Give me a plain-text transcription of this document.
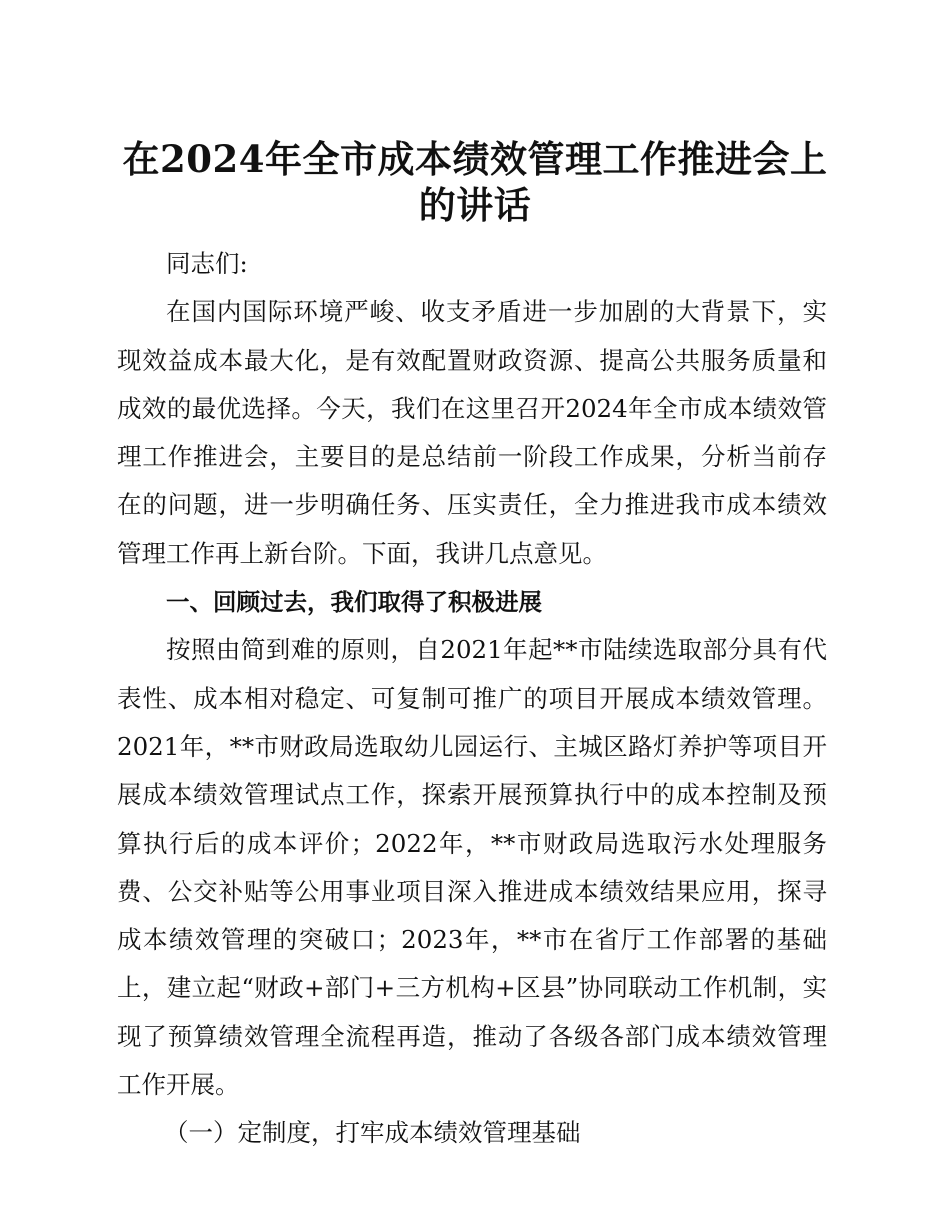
在2024年全市成本绩效管理工作推进会上的讲话

同志们:

在国内国际环境严峻、收支矛盾进一步加剧的大背景下，实现效益成本最大化，是有效配置财政资源、提高公共服务质量和成效的最优选择。今天，我们在这里召开2024年全市成本绩效管理工作推进会，主要目的是总结前一阶段工作成果，分析当前存在的问题，进一步明确任务、压实责任，全力推进我市成本绩效管理工作再上新台阶。下面，我讲几点意见。

一、回顾过去，我们取得了积极进展

按照由简到难的原则，自2021年起**市陆续选取部分具有代表性、成本相对稳定、可复制可推广的项目开展成本绩效管理。2021年，**市财政局选取幼儿园运行、主城区路灯养护等项目开展成本绩效管理试点工作，探索开展预算执行中的成本控制及预算执行后的成本评价；2022年，**市财政局选取污水处理服务费、公交补贴等公用事业项目深入推进成本绩效结果应用，探寻成本绩效管理的突破口；2023年，**市在省厅工作部署的基础上，建立起“财政+部门+三方机构+区县”协同联动工作机制，实现了预算绩效管理全流程再造，推动了各级各部门成本绩效管理工作开展。

（一）定制度，打牢成本绩效管理基础
